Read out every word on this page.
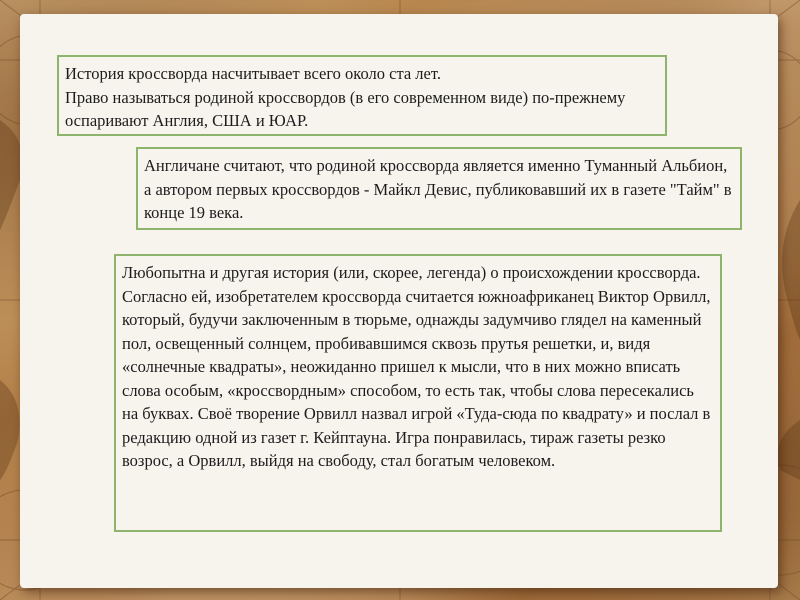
История кроссворда насчитывает всего около ста лет.
Право называться родиной кроссвордов (в его современном виде) по-прежнему оспаривают Англия, США и ЮАР.
Англичане считают, что родиной кроссворда является именно Туманный Альбион, а автором первых кроссвордов - Майкл Девис, публиковавший их в газете "Тайм" в конце 19 века.
Любопытна и другая история (или, скорее, легенда) о происхождении кроссворда. Согласно ей, изобретателем кроссворда считается южноафриканец Виктор Орвилл, который, будучи заключенным в тюрьме, однажды задумчиво глядел на каменный пол, освещенный солнцем, пробивавшимся сквозь прутья решетки, и, видя «солнечные квадраты», неожиданно пришел к мысли, что в них можно вписать слова особым, «кроссвордным» способом, то есть так, чтобы слова пересекались на буквах. Своё творение Орвилл назвал игрой «Туда-сюда по квадрату» и послал в редакцию одной из газет г. Кейптауна. Игра понравилась, тираж газеты резко возрос, а Орвилл, выйдя на свободу, стал богатым человеком.
